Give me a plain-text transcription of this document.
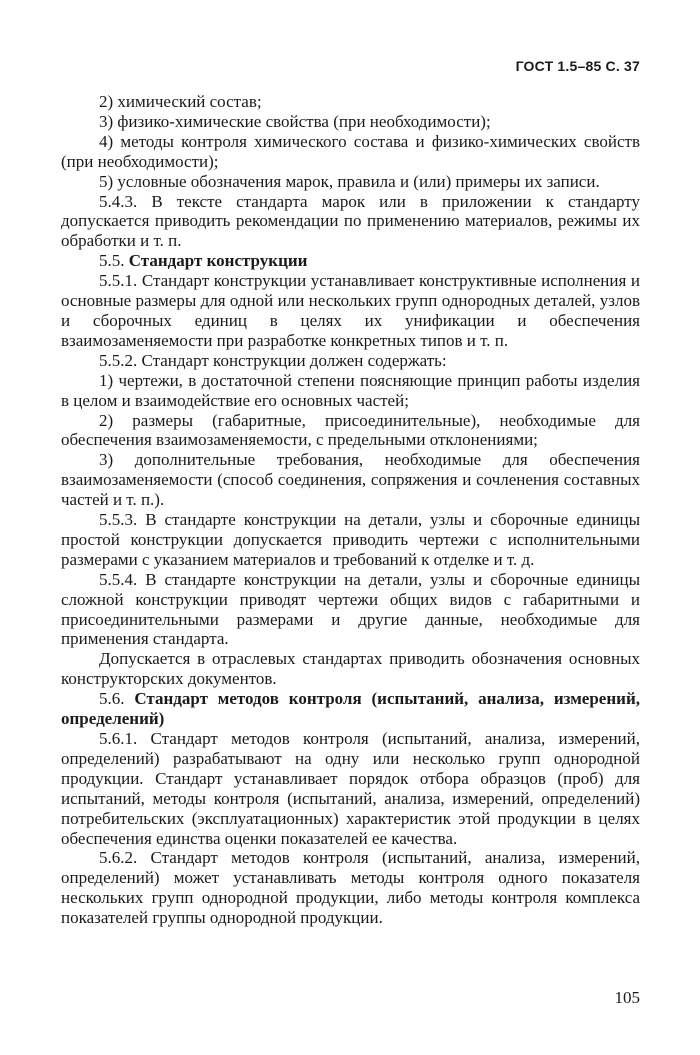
ГОСТ 1.5–85 С. 37

2) химический состав;

3) физико-химические свойства (при необходимости);

4) методы контроля химического состава и физико-химических свойств (при необходимости);

5) условные обозначения марок, правила и (или) примеры их записи.

5.4.3. В тексте стандарта марок или в приложении к стандарту допускается приводить рекомендации по применению материалов, режимы их обработки и т. п.

5.5. Стандарт конструкции

5.5.1. Стандарт конструкции устанавливает конструктивные исполнения и основные размеры для одной или нескольких групп однородных деталей, узлов и сборочных единиц в целях их унификации и обеспечения взаимозаменяемости при разработке конкретных типов и т. п.

5.5.2. Стандарт конструкции должен содержать:

1) чертежи, в достаточной степени поясняющие принцип работы изделия в целом и взаимодействие его основных частей;

2) размеры (габаритные, присоединительные), необходимые для обеспечения взаимозаменяемости, с предельными отклонениями;

3) дополнительные требования, необходимые для обеспечения взаимозаменяемости (способ соединения, сопряжения и сочленения составных частей и т. п.).

5.5.3. В стандарте конструкции на детали, узлы и сборочные единицы простой конструкции допускается приводить чертежи с исполнительными размерами с указанием материалов и требований к отделке и т. д.

5.5.4. В стандарте конструкции на детали, узлы и сборочные единицы сложной конструкции приводят чертежи общих видов с габаритными и присоединительными размерами и другие данные, необходимые для применения стандарта.

Допускается в отраслевых стандартах приводить обозначения основных конструкторских документов.

5.6. Стандарт методов контроля (испытаний, анализа, измерений, определений)

5.6.1. Стандарт методов контроля (испытаний, анализа, измерений, определений) разрабатывают на одну или несколько групп однородной продукции. Стандарт устанавливает порядок отбора образцов (проб) для испытаний, методы контроля (испытаний, анализа, измерений, определений) потребительских (эксплуатационных) характеристик этой продукции в целях обеспечения единства оценки показателей ее качества.

5.6.2. Стандарт методов контроля (испытаний, анализа, измерений, определений) может устанавливать методы контроля одного показателя нескольких групп однородной продукции, либо методы контроля комплекса показателей группы однородной продукции.

105
